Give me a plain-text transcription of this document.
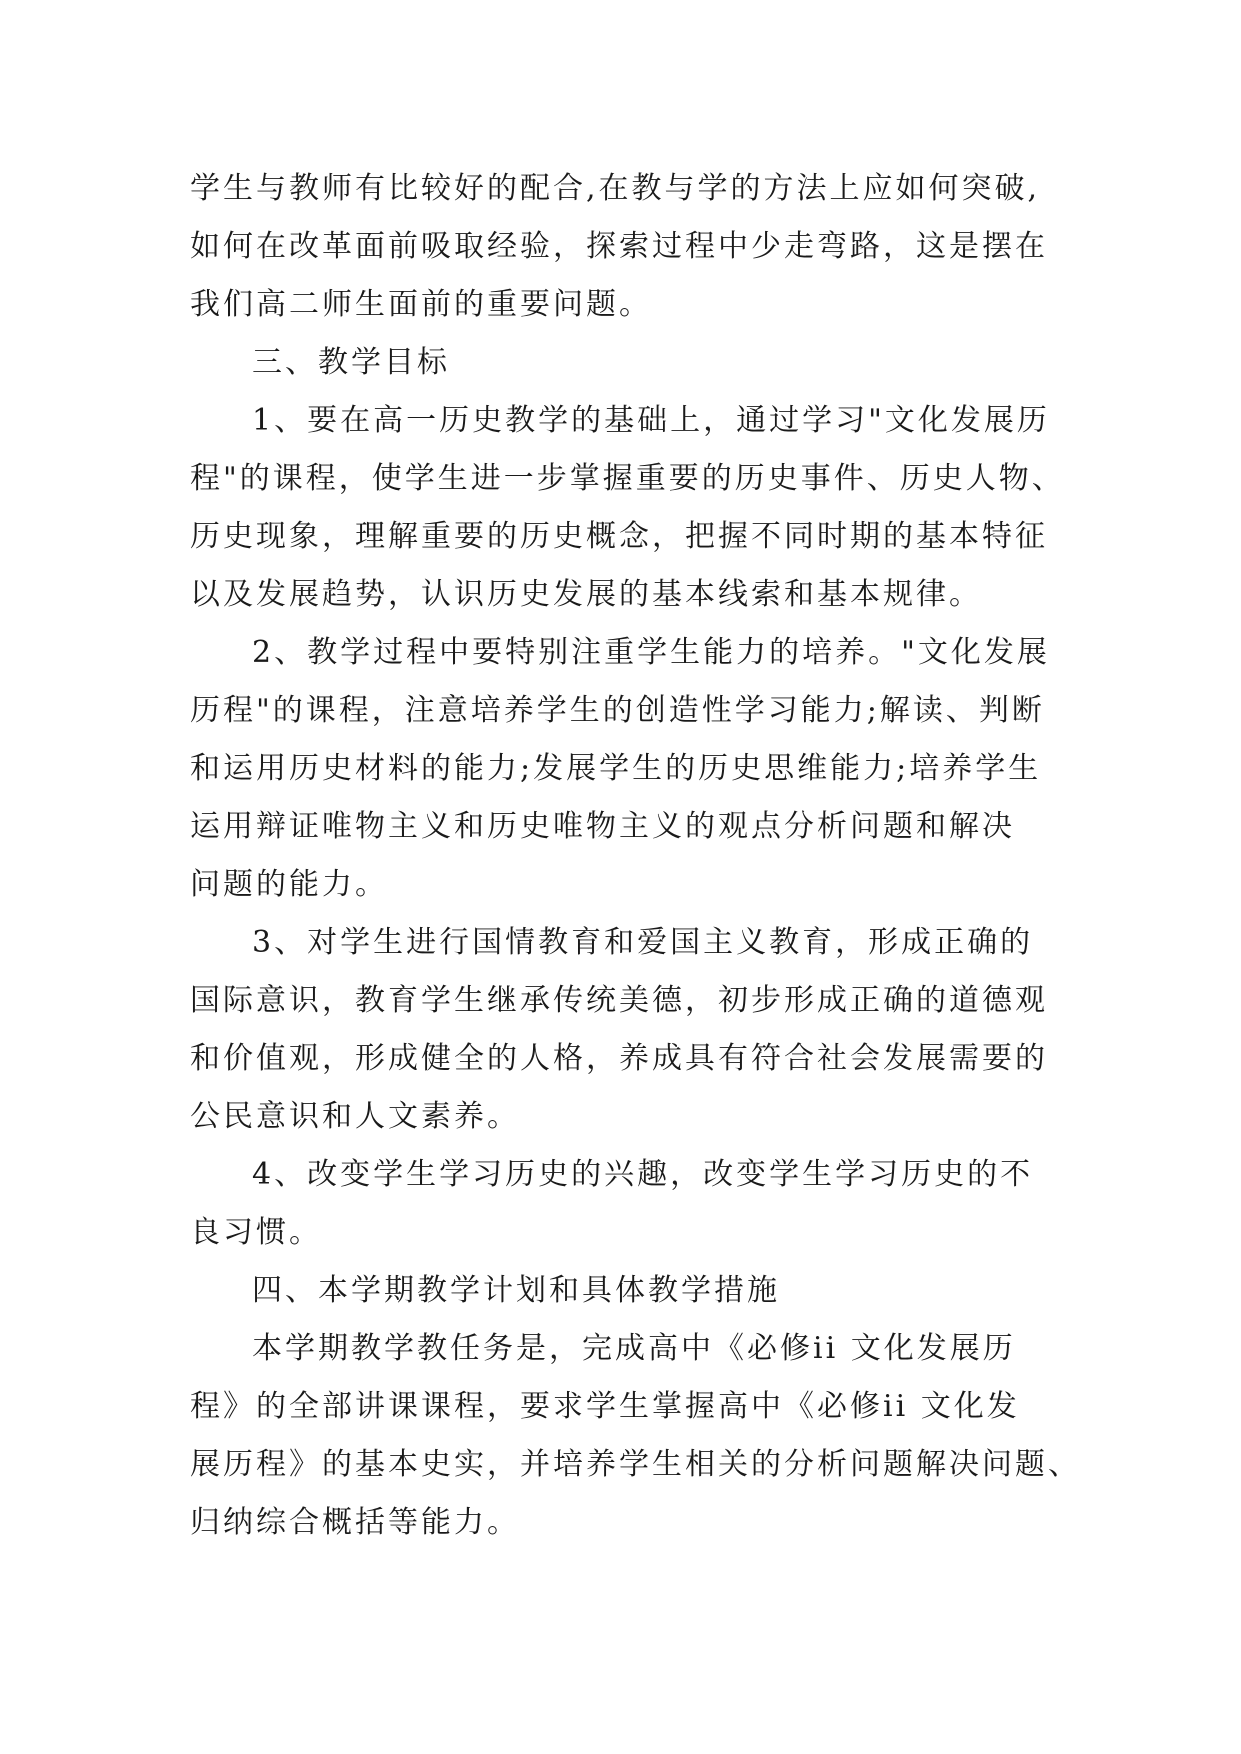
学生与教师有比较好的配合,在教与学的方法上应如何突破,
如何在改革面前吸取经验，探索过程中少走弯路，这是摆在
我们高二师生面前的重要问题。
三、教学目标
1、要在高一历史教学的基础上，通过学习"文化发展历
程"的课程，使学生进一步掌握重要的历史事件、历史人物、
历史现象，理解重要的历史概念，把握不同时期的基本特征
以及发展趋势，认识历史发展的基本线索和基本规律。
2、教学过程中要特别注重学生能力的培养。"文化发展
历程"的课程，注意培养学生的创造性学习能力;解读、判断
和运用历史材料的能力;发展学生的历史思维能力;培养学生
运用辩证唯物主义和历史唯物主义的观点分析问题和解决
问题的能力。
3、对学生进行国情教育和爱国主义教育，形成正确的
国际意识，教育学生继承传统美德，初步形成正确的道德观
和价值观，形成健全的人格，养成具有符合社会发展需要的
公民意识和人文素养。
4、改变学生学习历史的兴趣，改变学生学习历史的不
良习惯。
四、本学期教学计划和具体教学措施
本学期教学教任务是，完成高中《必修ii 文化发展历
程》的全部讲课课程，要求学生掌握高中《必修ii 文化发
展历程》的基本史实，并培养学生相关的分析问题解决问题、
归纳综合概括等能力。
